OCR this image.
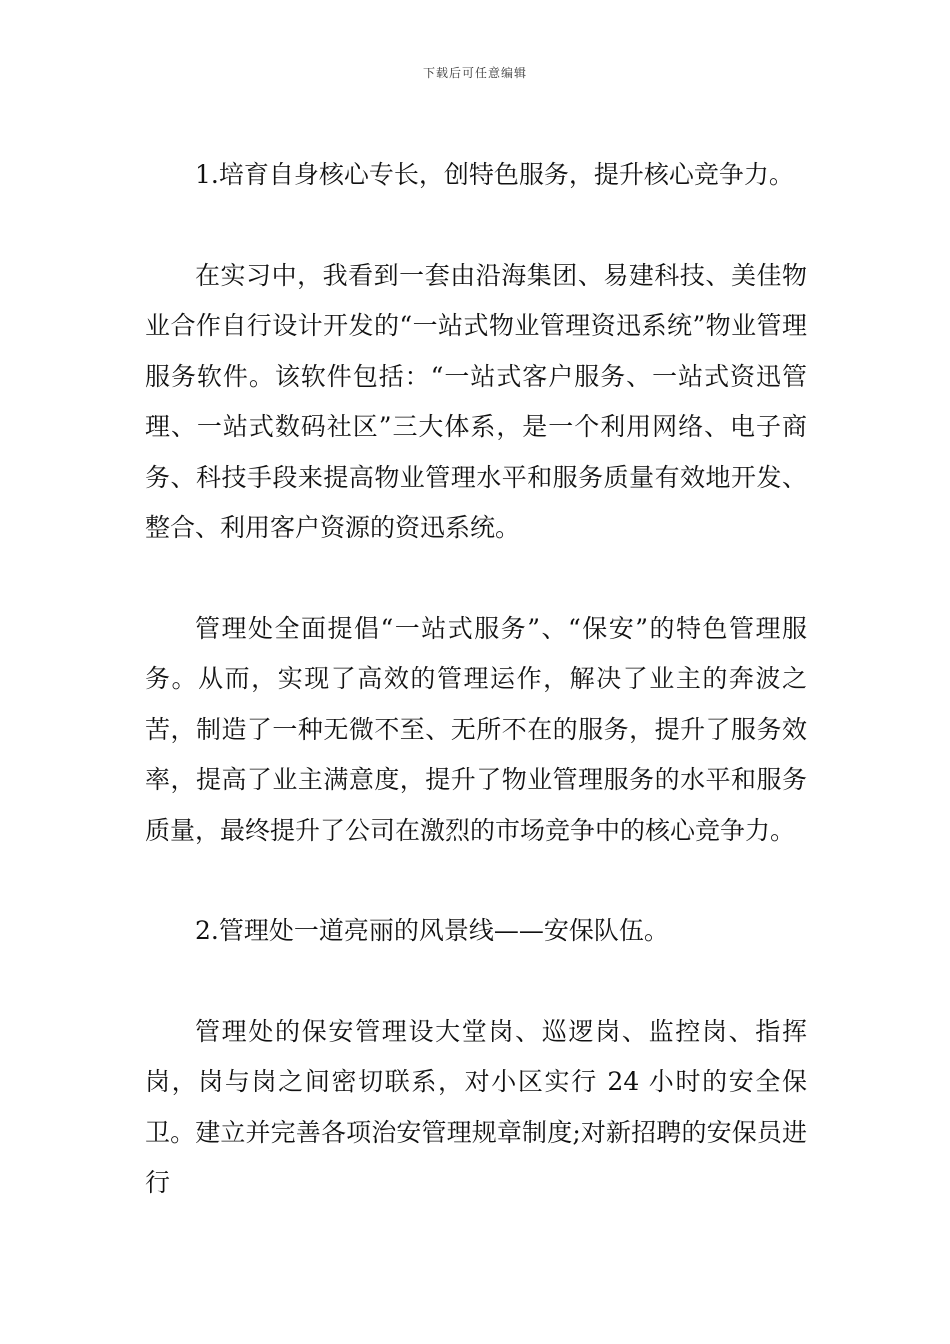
下载后可任意编辑

1.培育自身核心专长，创特色服务，提升核心竞争力。

在实习中，我看到一套由沿海集团、易建科技、美佳物业合作自行设计开发的“一站式物业管理资迅系统”物业管理服务软件。该软件包括：“一站式客户服务、一站式资迅管理、一站式数码社区”三大体系，是一个利用网络、电子商务、科技手段来提高物业管理水平和服务质量有效地开发、整合、利用客户资源的资迅系统。

管理处全面提倡“一站式服务”、“保安”的特色管理服务。从而，实现了高效的管理运作，解决了业主的奔波之苦，制造了一种无微不至、无所不在的服务，提升了服务效率，提高了业主满意度，提升了物业管理服务的水平和服务质量，最终提升了公司在激烈的市场竞争中的核心竞争力。

2.管理处一道亮丽的风景线——安保队伍。

管理处的保安管理设大堂岗、巡逻岗、监控岗、指挥岗，岗与岗之间密切联系，对小区实行 24 小时的安全保卫。建立并完善各项治安管理规章制度;对新招聘的安保员进行
